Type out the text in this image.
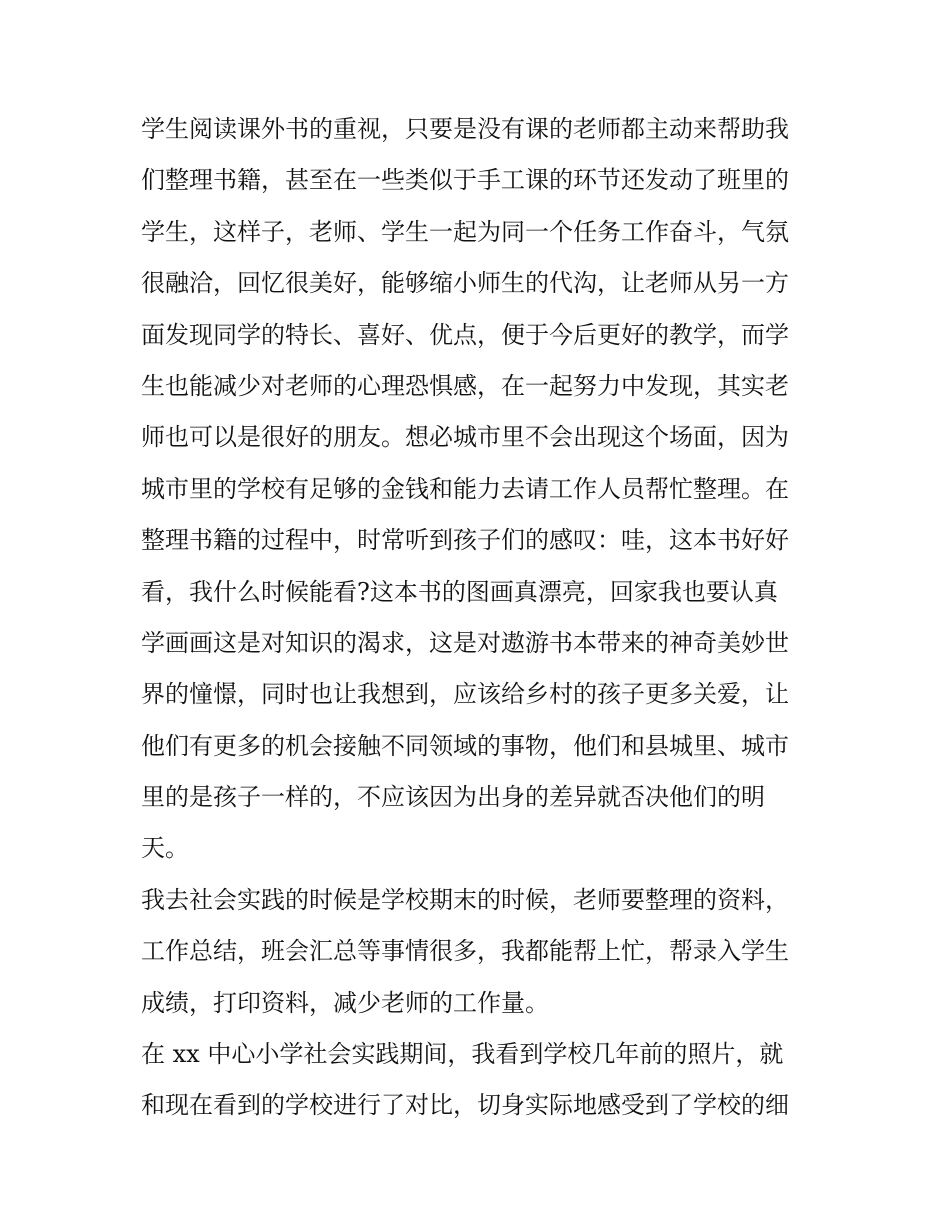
学生阅读课外书的重视，只要是没有课的老师都主动来帮助我
们整理书籍，甚至在一些类似于手工课的环节还发动了班里的
学生，这样子，老师、学生一起为同一个任务工作奋斗，气氛
很融洽，回忆很美好，能够缩小师生的代沟，让老师从另一方
面发现同学的特长、喜好、优点，便于今后更好的教学，而学
生也能减少对老师的心理恐惧感，在一起努力中发现，其实老
师也可以是很好的朋友。想必城市里不会出现这个场面，因为
城市里的学校有足够的金钱和能力去请工作人员帮忙整理。在
整理书籍的过程中，时常听到孩子们的感叹：哇，这本书好好
看，我什么时候能看?这本书的图画真漂亮，回家我也要认真
学画画这是对知识的渴求，这是对遨游书本带来的神奇美妙世
界的憧憬，同时也让我想到，应该给乡村的孩子更多关爱，让
他们有更多的机会接触不同领域的事物，他们和县城里、城市
里的是孩子一样的，不应该因为出身的差异就否决他们的明
天。
我去社会实践的时候是学校期末的时候，老师要整理的资料，
工作总结，班会汇总等事情很多，我都能帮上忙，帮录入学生
成绩，打印资料，减少老师的工作量。
在 xx 中心小学社会实践期间，我看到学校几年前的照片，就
和现在看到的学校进行了对比，切身实际地感受到了学校的细
